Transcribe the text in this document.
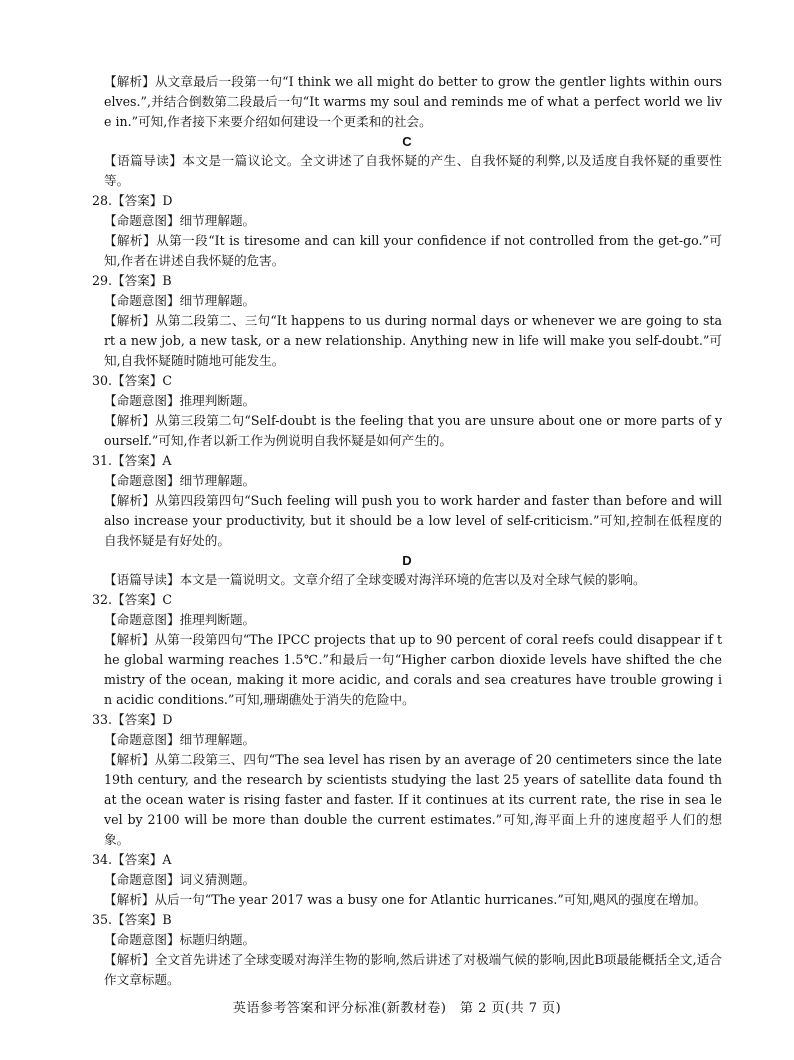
【解析】从文章最后一段第一句“I think we all might do better to grow the gentler lights within ourselves.”,并结合倒数第二段最后一句“It warms my soul and reminds me of what a perfect world we live in.”可知,作者接下来要介绍如何建设一个更柔和的社会。

C

【语篇导读】本文是一篇议论文。全文讲述了自我怀疑的产生、自我怀疑的利弊,以及适度自我怀疑的重要性等。

28.【答案】D

【命题意图】细节理解题。

【解析】从第一段“It is tiresome and can kill your confidence if not controlled from the get-go.”可知,作者在讲述自我怀疑的危害。

29.【答案】B

【命题意图】细节理解题。

【解析】从第二段第二、三句“It happens to us during normal days or whenever we are going to start a new job, a new task, or a new relationship. Anything new in life will make you self-doubt.”可知,自我怀疑随时随地可能发生。

30.【答案】C

【命题意图】推理判断题。

【解析】从第三段第二句“Self-doubt is the feeling that you are unsure about one or more parts of yourself.”可知,作者以新工作为例说明自我怀疑是如何产生的。

31.【答案】A

【命题意图】细节理解题。

【解析】从第四段第四句“Such feeling will push you to work harder and faster than before and will also increase your productivity, but it should be a low level of self-criticism.”可知,控制在低程度的自我怀疑是有好处的。

D

【语篇导读】本文是一篇说明文。文章介绍了全球变暖对海洋环境的危害以及对全球气候的影响。

32.【答案】C

【命题意图】推理判断题。

【解析】从第一段第四句“The IPCC projects that up to 90 percent of coral reefs could disappear if the global warming reaches 1.5℃.”和最后一句“Higher carbon dioxide levels have shifted the chemistry of the ocean, making it more acidic, and corals and sea creatures have trouble growing in acidic conditions.”可知,珊瑚礁处于消失的危险中。

33.【答案】D

【命题意图】细节理解题。

【解析】从第二段第三、四句“The sea level has risen by an average of 20 centimeters since the late 19th century, and the research by scientists studying the last 25 years of satellite data found that the ocean water is rising faster and faster. If it continues at its current rate, the rise in sea level by 2100 will be more than double the current estimates.”可知,海平面上升的速度超乎人们的想象。

34.【答案】A

【命题意图】词义猜测题。

【解析】从后一句“The year 2017 was a busy one for Atlantic hurricanes.”可知,飓风的强度在增加。

35.【答案】B

【命题意图】标题归纳题。

【解析】全文首先讲述了全球变暖对海洋生物的影响,然后讲述了对极端气候的影响,因此B项最能概括全文,适合作文章标题。

英语参考答案和评分标准(新教材卷)　第 2 页(共 7 页)
